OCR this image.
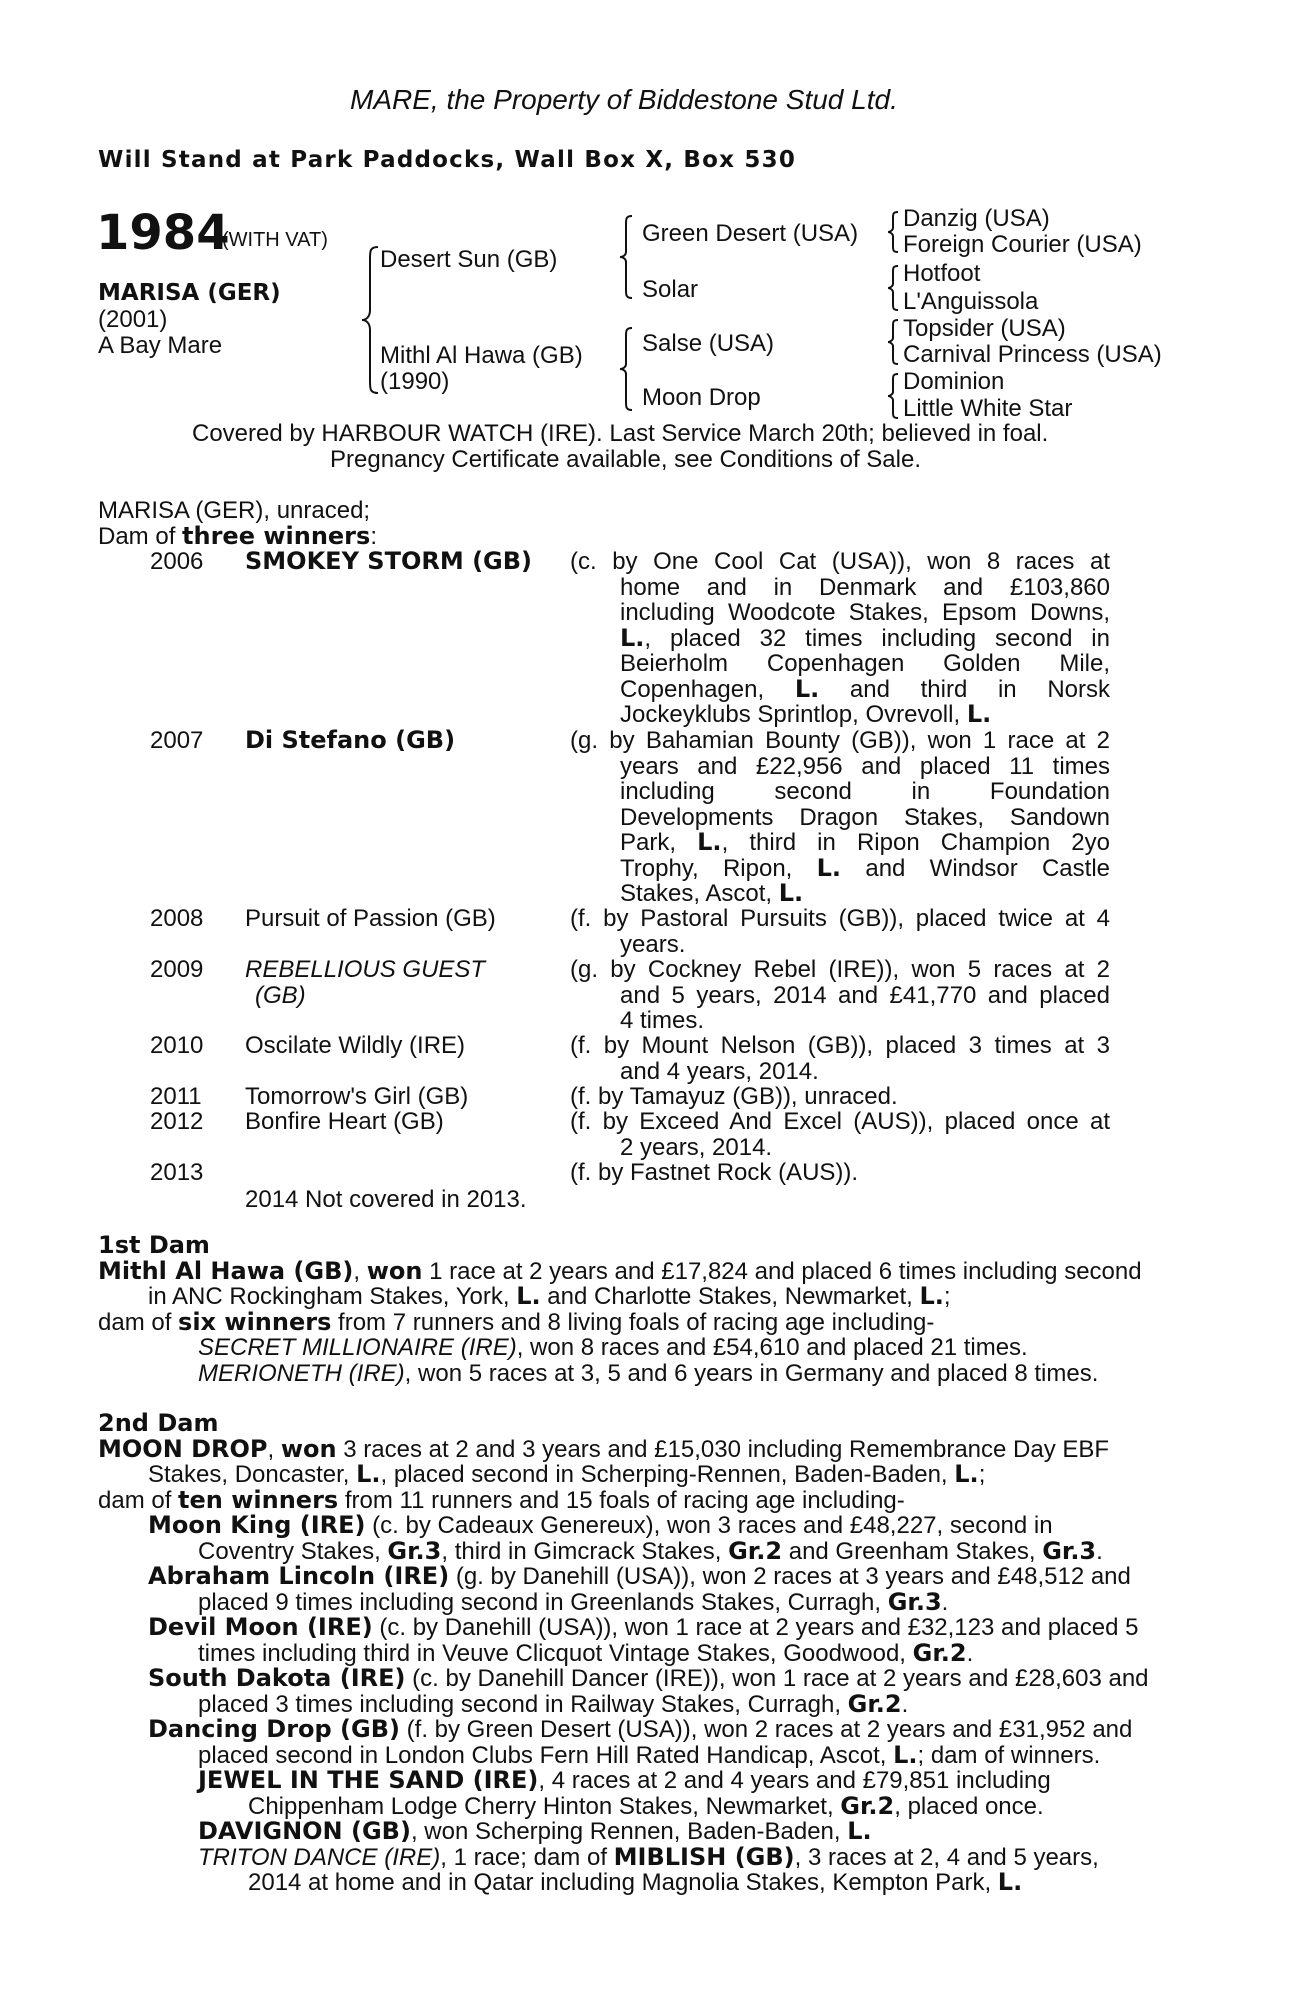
MARE, the Property of Biddestone Stud Ltd.
Will Stand at Park Paddocks, Wall Box X, Box 530
1984
(WITH VAT)
MARISA (GER)
(2001)
A Bay Mare
Desert Sun (GB)
Mithl Al Hawa (GB)
(1990)
Green Desert (USA)
Solar
Salse (USA)
Moon Drop
Danzig (USA)
Foreign Courier (USA)
Hotfoot
L'Anguissola
Topsider (USA)
Carnival Princess (USA)
Dominion
Little White Star
Covered by HARBOUR WATCH (IRE). Last Service March 20th; believed in foal.
Pregnancy Certificate available, see Conditions of Sale.
MARISA (GER), unraced;
Dam of three winners:
2006 SMOKEY STORM (GB) (c. by One Cool Cat (USA)), won 8 races at
home and in Denmark and £103,860
including Woodcote Stakes, Epsom Downs,
L., placed 32 times including second in
Beierholm Copenhagen Golden Mile,
Copenhagen, L. and third in Norsk
Jockeyklubs Sprintlop, Ovrevoll, L.
2007 Di Stefano (GB)	(g. by Bahamian Bounty (GB)), won 1 race at 2
years and £22,956 and placed 11 times
including second in Foundation
Developments Dragon Stakes, Sandown
Park, L., third in Ripon Champion 2yo
Trophy, Ripon, L. and Windsor Castle
Stakes, Ascot, L.
2008 Pursuit of Passion (GB)	(f. by Pastoral Pursuits (GB)), placed twice at 4
years.
2009 REBELLIOUS GUEST
(GB)
(g. by Cockney Rebel (IRE)), won 5 races at 2
and 5 years, 2014 and £41,770 and placed
4 times.
2010 Oscilate Wildly (IRE)	(f. by Mount Nelson (GB)), placed 3 times at 3
and 4 years, 2014.
2011 Tomorrow's Girl (GB)	(f. by Tamayuz (GB)), unraced.
2012 Bonfire Heart (GB)	(f. by Exceed And Excel (AUS)), placed once at
2 years, 2014.
2013	(f. by Fastnet Rock (AUS)).
2014 Not covered in 2013.
1st Dam
Mithl Al Hawa (GB), won 1 race at 2 years and £17,824 and placed 6 times including second
in ANC Rockingham Stakes, York, L. and Charlotte Stakes, Newmarket, L.;
dam of six winners from 7 runners and 8 living foals of racing age including-
SECRET MILLIONAIRE (IRE), won 8 races and £54,610 and placed 21 times.
MERIONETH (IRE), won 5 races at 3, 5 and 6 years in Germany and placed 8 times.
2nd Dam
MOON DROP, won 3 races at 2 and 3 years and £15,030 including Remembrance Day EBF
Stakes, Doncaster, L., placed second in Scherping-Rennen, Baden-Baden, L.;
dam of ten winners from 11 runners and 15 foals of racing age including-
Moon King (IRE) (c. by Cadeaux Genereux), won 3 races and £48,227, second in
Coventry Stakes, Gr.3, third in Gimcrack Stakes, Gr.2 and Greenham Stakes, Gr.3.
Abraham Lincoln (IRE) (g. by Danehill (USA)), won 2 races at 3 years and £48,512 and
placed 9 times including second in Greenlands Stakes, Curragh, Gr.3.
Devil Moon (IRE) (c. by Danehill (USA)), won 1 race at 2 years and £32,123 and placed 5
times including third in Veuve Clicquot Vintage Stakes, Goodwood, Gr.2.
South Dakota (IRE) (c. by Danehill Dancer (IRE)), won 1 race at 2 years and £28,603 and
placed 3 times including second in Railway Stakes, Curragh, Gr.2.
Dancing Drop (GB) (f. by Green Desert (USA)), won 2 races at 2 years and £31,952 and
placed second in London Clubs Fern Hill Rated Handicap, Ascot, L.; dam of winners.
JEWEL IN THE SAND (IRE), 4 races at 2 and 4 years and £79,851 including
Chippenham Lodge Cherry Hinton Stakes, Newmarket, Gr.2, placed once.
DAVIGNON (GB), won Scherping Rennen, Baden-Baden, L.
TRITON DANCE (IRE), 1 race; dam of MIBLISH (GB), 3 races at 2, 4 and 5 years,
2014 at home and in Qatar including Magnolia Stakes, Kempton Park, L.
